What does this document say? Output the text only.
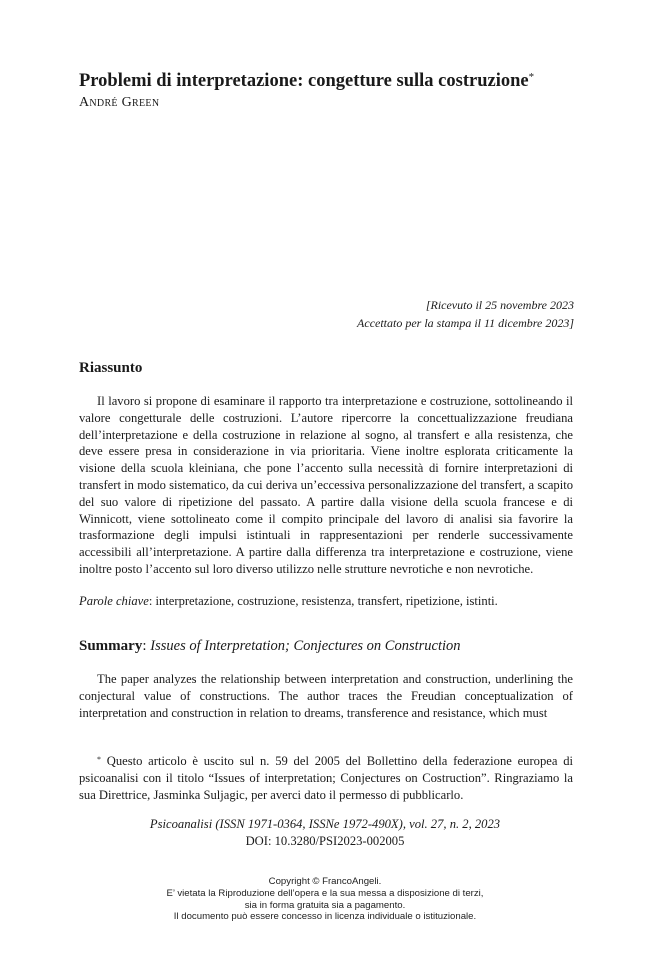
Problemi di interpretazione: congetture sulla costruzione*
André Green
[Ricevuto il 25 novembre 2023
Accettato per la stampa il 11 dicembre 2023]
Riassunto
Il lavoro si propone di esaminare il rapporto tra interpretazione e costruzione, sottolineando il valore congetturale delle costruzioni. L’autore ripercorre la concettualizzazione freudiana dell’interpretazione e della costruzione in relazione al sogno, al transfert e alla resistenza, che deve essere presa in considerazione in via prioritaria. Viene inoltre esplorata criticamente la visione della scuola kleiniana, che pone l’accento sulla necessità di fornire interpretazioni di transfert in modo sistematico, da cui deriva un’eccessiva personalizzazione del transfert, a scapito del suo valore di ripetizione del passato. A partire dalla visione della scuola francese e di Winnicott, viene sottolineato come il compito principale del lavoro di analisi sia favorire la trasformazione degli impulsi istintuali in rappresentazioni per renderle successivamente accessibili all’interpretazione. A partire dalla differenza tra interpretazione e costruzione, viene inoltre posto l’accento sul loro diverso utilizzo nelle strutture nevrotiche e non nevrotiche.
Parole chiave: interpretazione, costruzione, resistenza, transfert, ripetizione, istinti.
Summary: Issues of Interpretation; Conjectures on Construction
The paper analyzes the relationship between interpretation and construction, underlining the conjectural value of constructions. The author traces the Freudian conceptualization of interpretation and construction in relation to dreams, transference and resistance, which must
* Questo articolo è uscito sul n. 59 del 2005 del Bollettino della federazione europea di psicoanalisi con il titolo “Issues of interpretation; Conjectures on Costruction”. Ringraziamo la sua Direttrice, Jasminka Suljagic, per averci dato il permesso di pubblicarlo.
Psicoanalisi (ISSN 1971-0364, ISSNe 1972-490X), vol. 27, n. 2, 2023
DOI: 10.3280/PSI2023-002005
Copyright © FrancoAngeli.
E’ vietata la Riproduzione dell’opera e la sua messa a disposizione di terzi,
sia in forma gratuita sia a pagamento.
Il documento può essere concesso in licenza individuale o istituzionale.
